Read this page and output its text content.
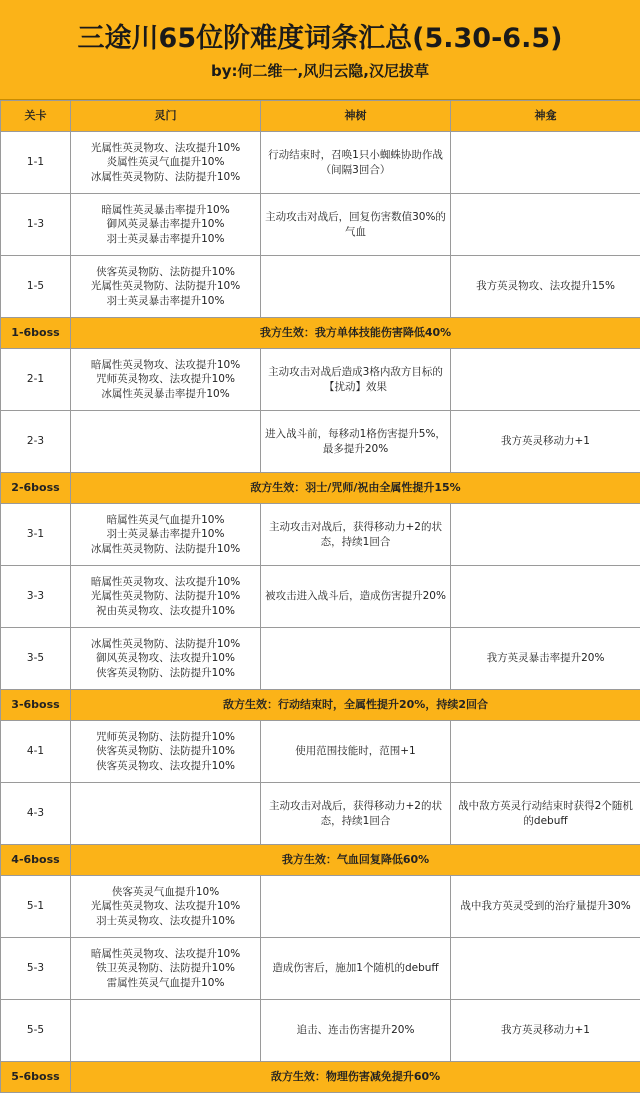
三途川65位阶难度词条汇总(5.30-6.5)
by:何二维一,风归云隐,汉尼拔草
关卡	灵门	神树	神龛
1-1	光属性英灵物攻、法攻提升10%
炎属性英灵气血提升10%
冰属性英灵物防、法防提升10%	行动结束时，召唤1只小蜘蛛协助作战（间隔3回合）	
1-3	暗属性英灵暴击率提升10%
御风英灵暴击率提升10%
羽士英灵暴击率提升10%	主动攻击对战后，回复伤害数值30%的气血	
1-5	侠客英灵物防、法防提升10%
光属性英灵物防、法防提升10%
羽士英灵暴击率提升10%		我方英灵物攻、法攻提升15%
1-6boss	我方生效：我方单体技能伤害降低40%		
2-1	暗属性英灵物攻、法攻提升10%
咒师英灵物攻、法攻提升10%
冰属性英灵暴击率提升10%	主动攻击对战后造成3格内敌方目标的【扰动】效果	
2-3		进入战斗前，每移动1格伤害提升5%，最多提升20%	我方英灵移动力+1
2-6boss	敌方生效：羽士/咒师/祝由全属性提升15%		
3-1	暗属性英灵气血提升10%
羽士英灵暴击率提升10%
冰属性英灵物防、法防提升10%	主动攻击对战后，获得移动力+2的状态，持续1回合	
3-3	暗属性英灵物攻、法攻提升10%
光属性英灵物防、法防提升10%
祝由英灵物攻、法攻提升10%	被攻击进入战斗后，造成伤害提升20%	
3-5	冰属性英灵物防、法防提升10%
御风英灵物攻、法攻提升10%
侠客英灵物防、法防提升10%		我方英灵暴击率提升20%
3-6boss	敌方生效：行动结束时，全属性提升20%，持续2回合		
4-1	咒师英灵物防、法防提升10%
侠客英灵物防、法防提升10%
侠客英灵物攻、法攻提升10%	使用范围技能时，范围+1	
4-3		主动攻击对战后，获得移动力+2的状态，持续1回合	战中敌方英灵行动结束时获得2个随机的debuff
4-6boss	我方生效：气血回复降低60%		
5-1	侠客英灵气血提升10%
光属性英灵物攻、法攻提升10%
羽士英灵物攻、法攻提升10%		战中我方英灵受到的治疗量提升30%
5-3	暗属性英灵物攻、法攻提升10%
铁卫英灵物防、法防提升10%
雷属性英灵气血提升10%	造成伤害后，施加1个随机的debuff	
5-5		追击、连击伤害提升20%	我方英灵移动力+1
5-6boss	敌方生效：物理伤害减免提升60%		
